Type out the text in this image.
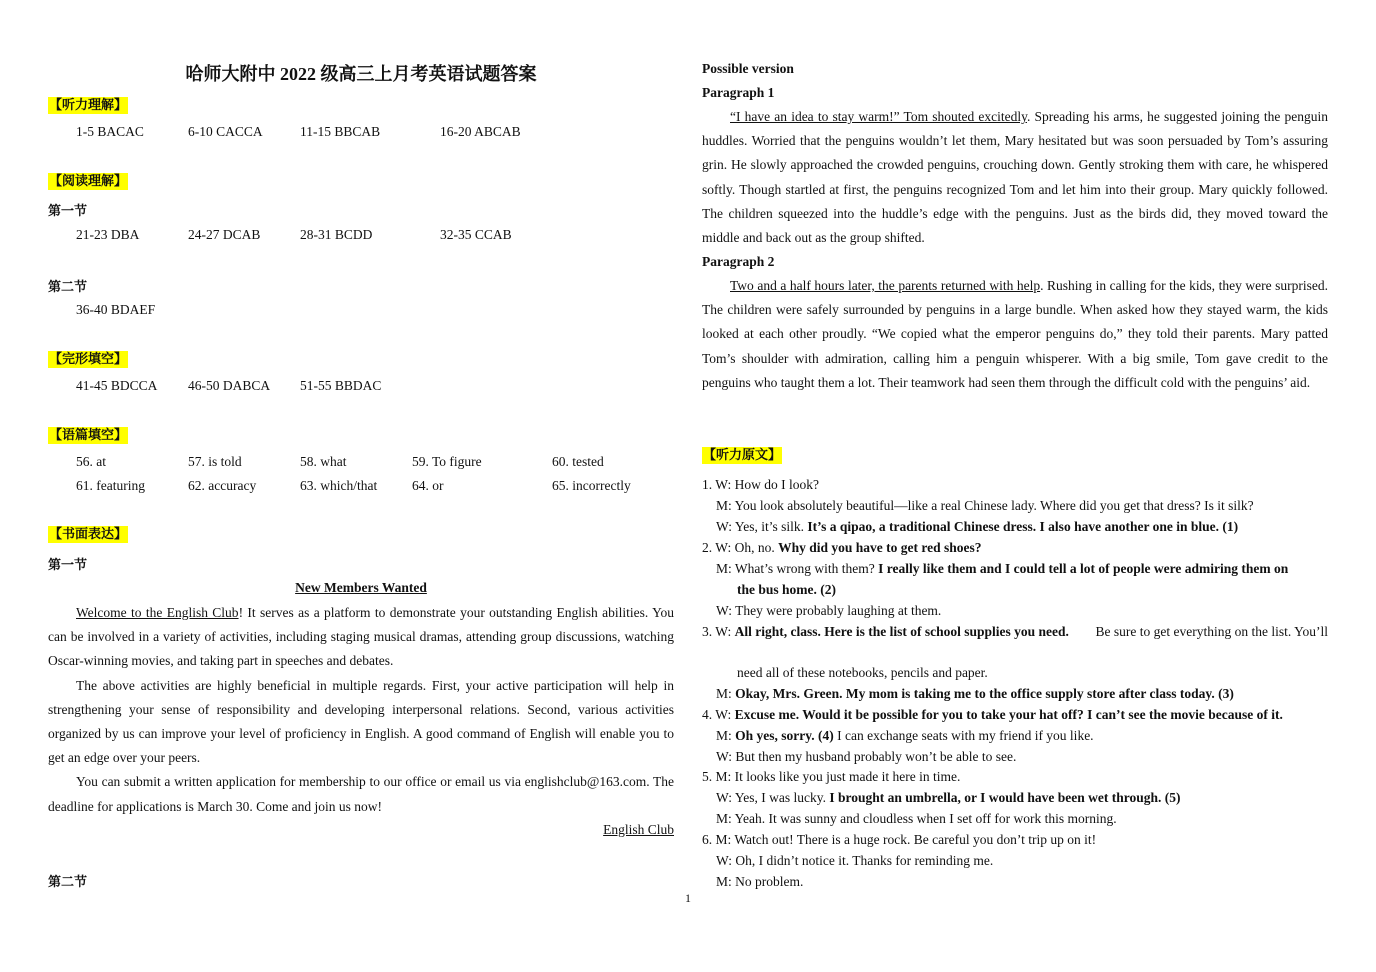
哈师大附中 2022 级高三上月考英语试题答案
【听力理解】
1-5 BACAC	6-10 CACCA	11-15 BBCAB	16-20 ABCAB
【阅读理解】
第一节
21-23 DBA	24-27 DCAB	28-31 BCDD	32-35 CCAB
第二节
36-40 BDAEF
【完形填空】
41-45 BDCCA 46-50 DABCA 51-55 BBDAC
【语篇填空】
56. at	57. is told	58. what	59. To figure	60. tested
61. featuring	62. accuracy	63. which/that	64. or	65. incorrectly
【书面表达】
第一节
New Members Wanted

Welcome to the English Club! It serves as a platform to demonstrate your outstanding English abilities. You can be involved in a variety of activities, including staging musical dramas, attending group discussions, watching Oscar-winning movies, and taking part in speeches and debates.

The above activities are highly beneficial in multiple regards. First, your active participation will help in strengthening your sense of responsibility and developing interpersonal relations. Second, various activities organized by us can improve your level of proficiency in English. A good command of English will enable you to get an edge over your peers.

You can submit a written application for membership to our office or email us via englishclub@163.com. The deadline for applications is March 30. Come and join us now!

English Club
第二节
Possible version
Paragraph 1

“I have an idea to stay warm!” Tom shouted excitedly. Spreading his arms, he suggested joining the penguin huddles. Worried that the penguins wouldn’t let them, Mary hesitated but was soon persuaded by Tom’s assuring grin. He slowly approached the crowded penguins, crouching down. Gently stroking them with care, he whispered softly. Though startled at first, the penguins recognized Tom and let him into their group. Mary quickly followed. The children squeezed into the huddle’s edge with the penguins. Just as the birds did, they moved toward the middle and back out as the group shifted.

Paragraph 2

Two and a half hours later, the parents returned with help. Rushing in calling for the kids, they were surprised. The children were safely surrounded by penguins in a large bundle. When asked how they stayed warm, the kids looked at each other proudly. “We copied what the emperor penguins do,” they told their parents. Mary patted Tom’s shoulder with admiration, calling him a penguin whisperer. With a big smile, Tom gave credit to the penguins who taught them a lot. Their teamwork had seen them through the difficult cold with the penguins’ aid.

【听力原文】
1. W: How do I look?
M: You look absolutely beautiful—like a real Chinese lady. Where did you get that dress? Is it silk?
W: Yes, it’s silk. It’s a qipao, a traditional Chinese dress. I also have another one in blue. (1)
2. W: Oh, no. Why did you have to get red shoes?
M: What’s wrong with them? I really like them and I could tell a lot of people were admiring them on
the bus home. (2)
W: They were probably laughing at them.
3. W: All right, class. Here is the list of school supplies you need. Be sure to get everything on the list. You’ll
need all of these notebooks, pencils and paper.
M: Okay, Mrs. Green. My mom is taking me to the office supply store after class today. (3)
4. W: Excuse me. Would it be possible for you to take your hat off? I can’t see the movie because of it.
M: Oh yes, sorry. (4) I can exchange seats with my friend if you like.
W: But then my husband probably won’t be able to see.
5. M: It looks like you just made it here in time.
W: Yes, I was lucky. I brought an umbrella, or I would have been wet through. (5)
M: Yeah. It was sunny and cloudless when I set off for work this morning.
6. M: Watch out! There is a huge rock. Be careful you don’t trip up on it!
W: Oh, I didn’t notice it. Thanks for reminding me.
M: No problem.
1
